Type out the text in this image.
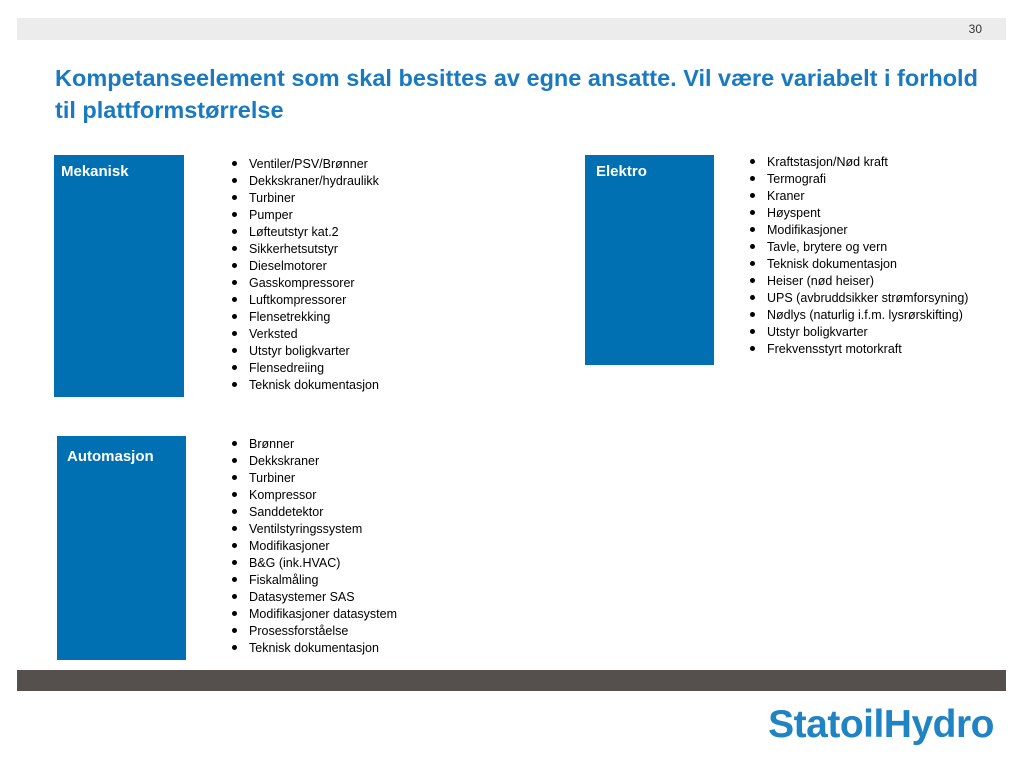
30
Kompetanseelement som skal besittes av egne ansatte. Vil være variabelt i forhold til plattformstørrelse
Mekanisk	Ventiler/PSV/Brønner
Dekkskraner/hydraulikk
Turbiner
Pumper
Løfteutstyr kat.2
Sikkerhetsutstyr
Dieselmotorer
Gasskompressorer
Luftkompressorer
Flensetrekking
Verksted
Utstyr boligkvarter
Flensedreiing
Teknisk dokumentasjon
Elektro
Kraftstasjon/Nød kraft
Termografi
Kraner
Høyspent
Modifikasjoner
Tavle, brytere og vern
Teknisk dokumentasjon
Heiser (nød heiser)
UPS (avbruddsikker strømforsyning)
Nødlys (naturlig i.f.m. lysrørskifting)
Utstyr boligkvarter
Frekvensstyrt motorkraft
Automasjon
Brønner
Dekkskraner
Turbiner
Kompressor
Sanddetektor
Ventilstyringssystem
Modifikasjoner
B&G (ink.HVAC)
Fiskalmåling
Datasystemer SAS
Modifikasjoner datasystem
Prosessforståelse
Teknisk dokumentasjon
StatoilHydro
